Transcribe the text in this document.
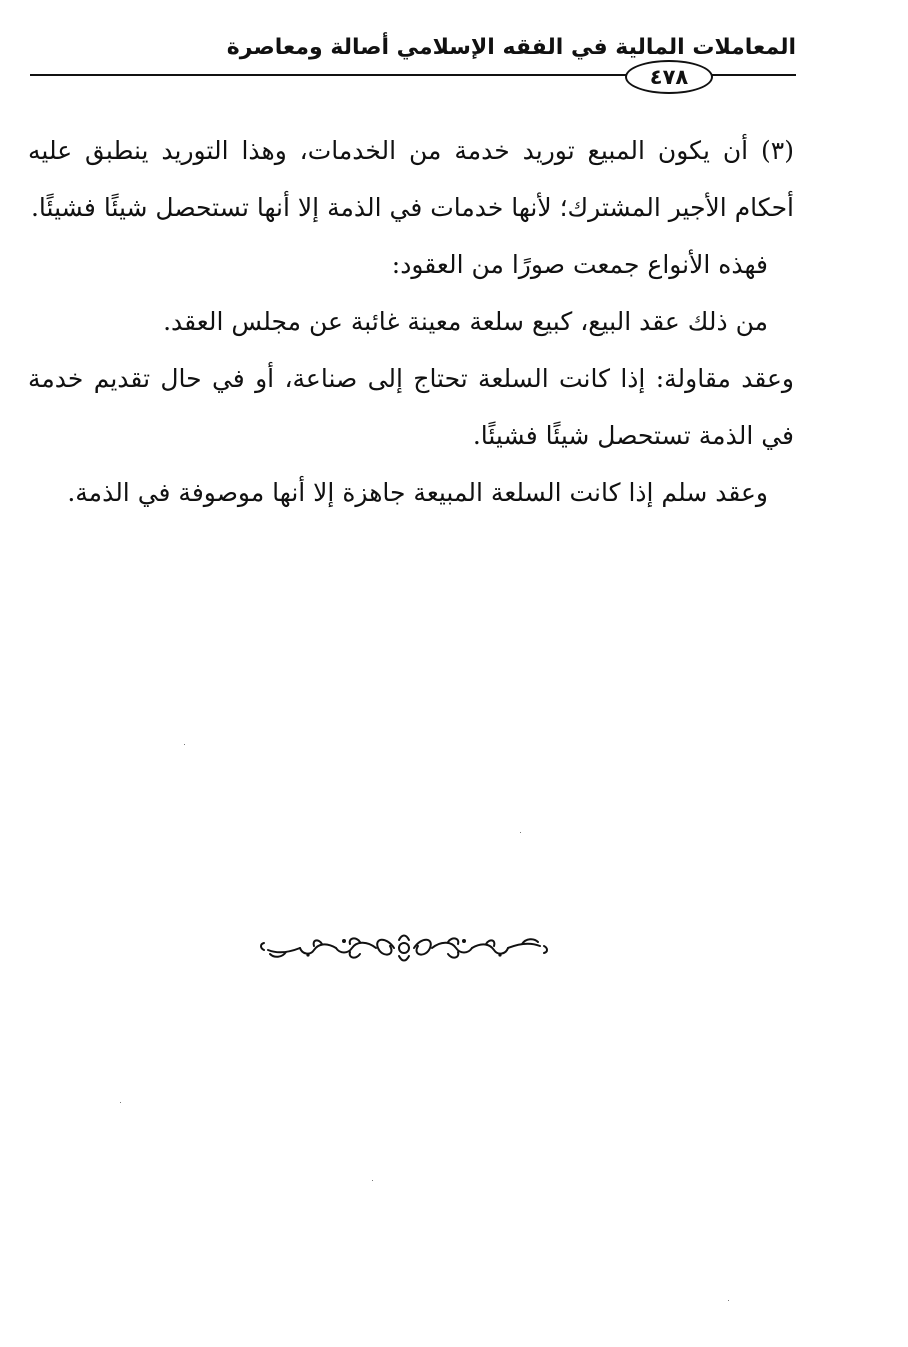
المعاملات المالية في الفقه الإسلامي أصالة ومعاصرة
٤٧٨

(٣) أن يكون المبيع توريد خدمة من الخدمات، وهذا التوريد ينطبق عليه أحكام الأجير المشترك؛ لأنها خدمات في الذمة إلا أنها تستحصل شيئًا فشيئًا.

فهذه الأنواع جمعت صورًا من العقود:

من ذلك عقد البيع، كبيع سلعة معينة غائبة عن مجلس العقد.

وعقد مقاولة: إذا كانت السلعة تحتاج إلى صناعة، أو في حال تقديم خدمة في الذمة تستحصل شيئًا فشيئًا.

وعقد سلم إذا كانت السلعة المبيعة جاهزة إلا أنها موصوفة في الذمة.
